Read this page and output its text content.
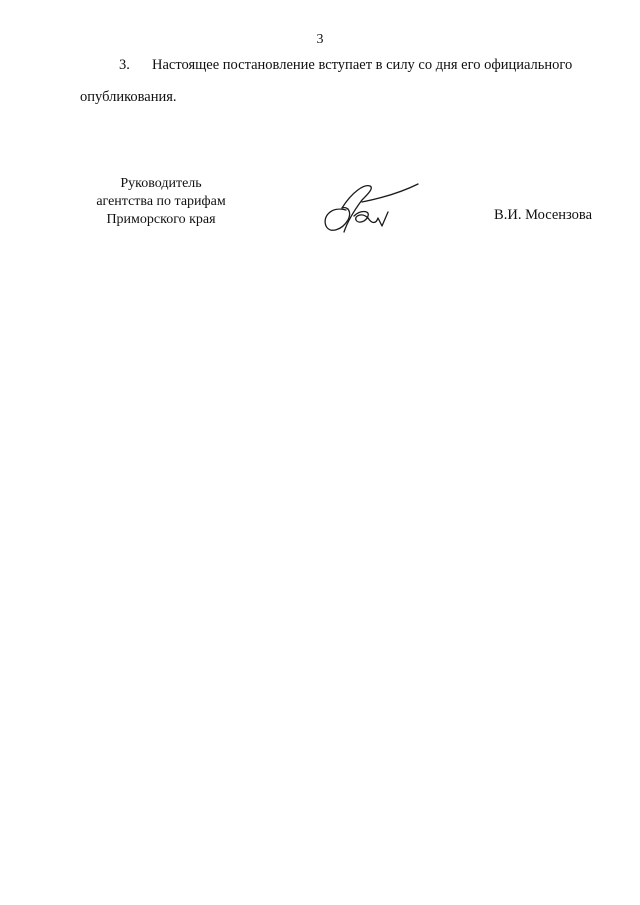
3
3. Настоящее постановление вступает в силу со дня его официального
опубликования.
Руководитель
агентства по тарифам
Приморского края	В.И. Мосензова
